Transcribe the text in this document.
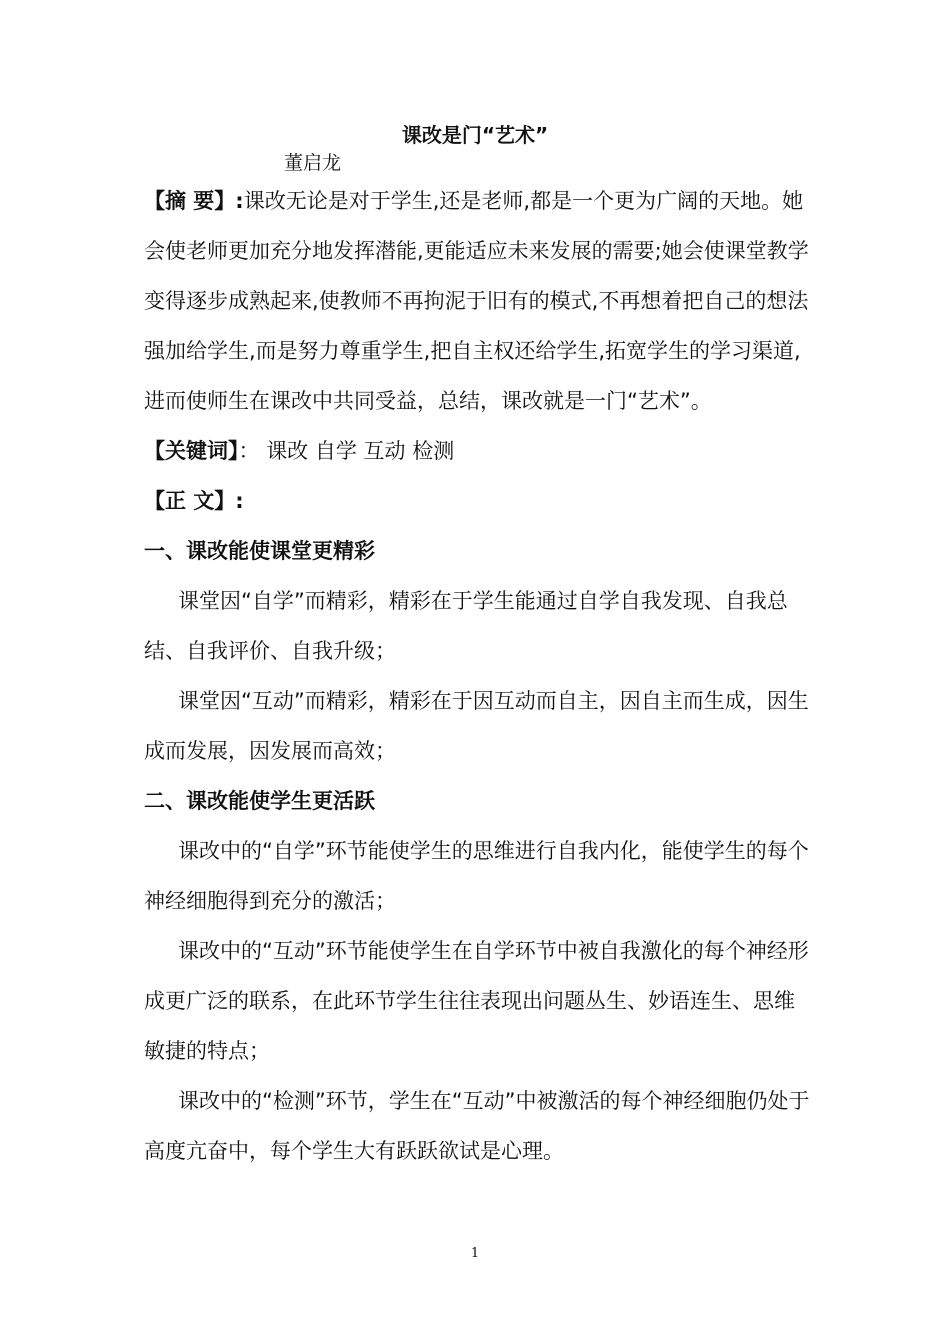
课改是门“艺术”
董启龙

【摘 要】:课改无论是对于学生,还是老师,都是一个更为广阔的天地。她会使老师更加充分地发挥潜能,更能适应未来发展的需要;她会使课堂教学变得逐步成熟起来,使教师不再拘泥于旧有的模式,不再想着把自己的想法强加给学生,而是努力尊重学生,把自主权还给学生,拓宽学生的学习渠道,进而使师生在课改中共同受益，总结，课改就是一门“艺术”。

【关键词】： 课改 自学 互动 检测

【正 文】:

一、课改能使课堂更精彩

课堂因“自学”而精彩，精彩在于学生能通过自学自我发现、自我总结、自我评价、自我升级；

课堂因“互动”而精彩，精彩在于因互动而自主，因自主而生成，因生成而发展，因发展而高效；

二、课改能使学生更活跃

课改中的“自学”环节能使学生的思维进行自我内化，能使学生的每个神经细胞得到充分的激活；

课改中的“互动”环节能使学生在自学环节中被自我激化的每个神经形成更广泛的联系，在此环节学生往往表现出问题丛生、妙语连生、思维敏捷的特点；

课改中的“检测”环节，学生在“互动”中被激活的每个神经细胞仍处于高度亢奋中，每个学生大有跃跃欲试是心理。

1
